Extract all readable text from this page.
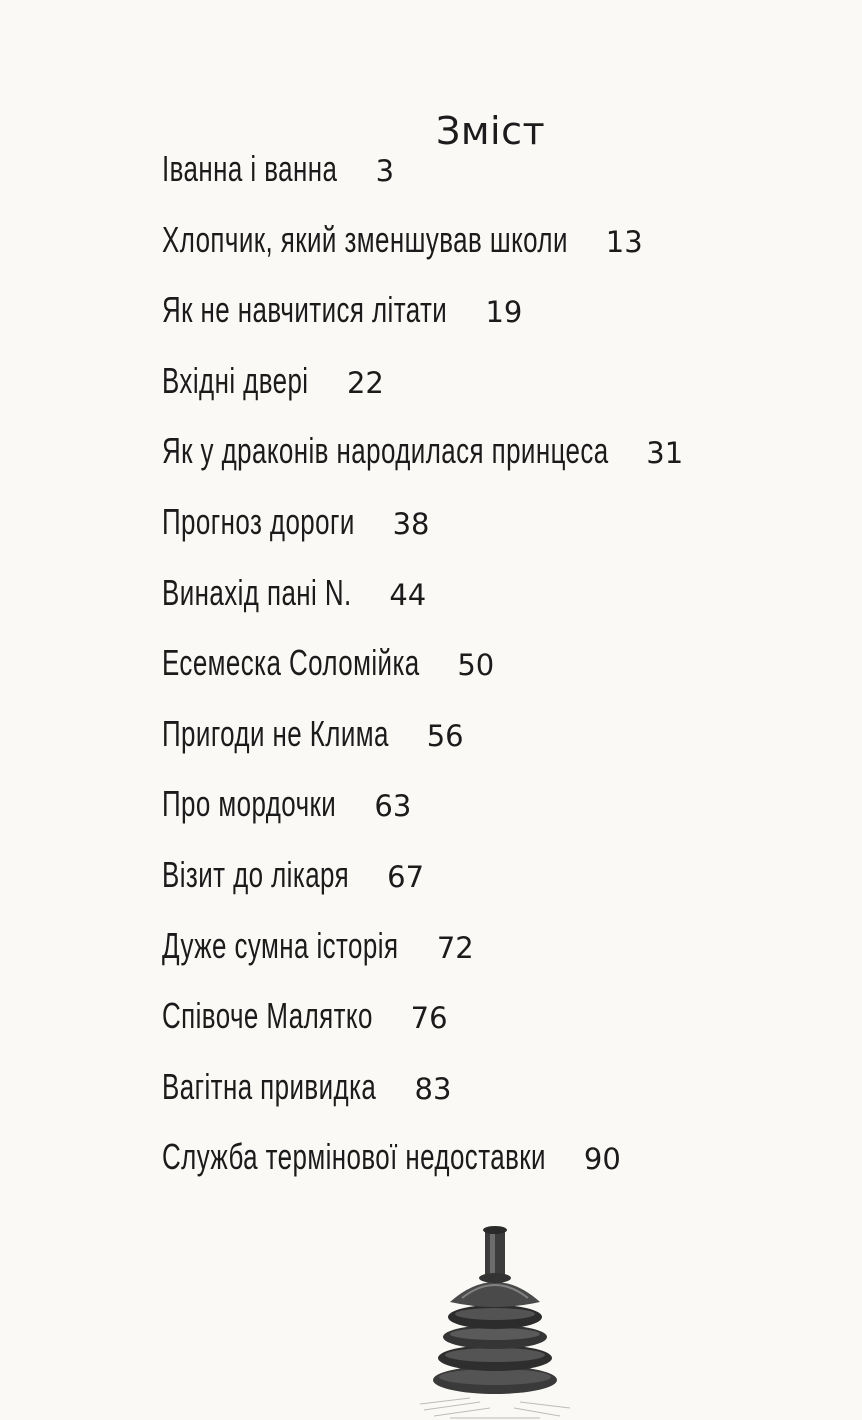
Зміст
Іванна і ванна 3
Хлопчик, який зменшував школи 13
Як не навчитися літати 19
Вхідні двері 22
Як у драконів народилася принцеса 31
Прогноз дороги 38
Винахід пані N. 44
Есемеска Соломійка 50
Пригоди не Клима 56
Про мордочки 63
Візит до лікаря 67
Дуже сумна історія 72
Співоче Малятко 76
Вагітна привидка 83
Служба термінової недоставки 90
